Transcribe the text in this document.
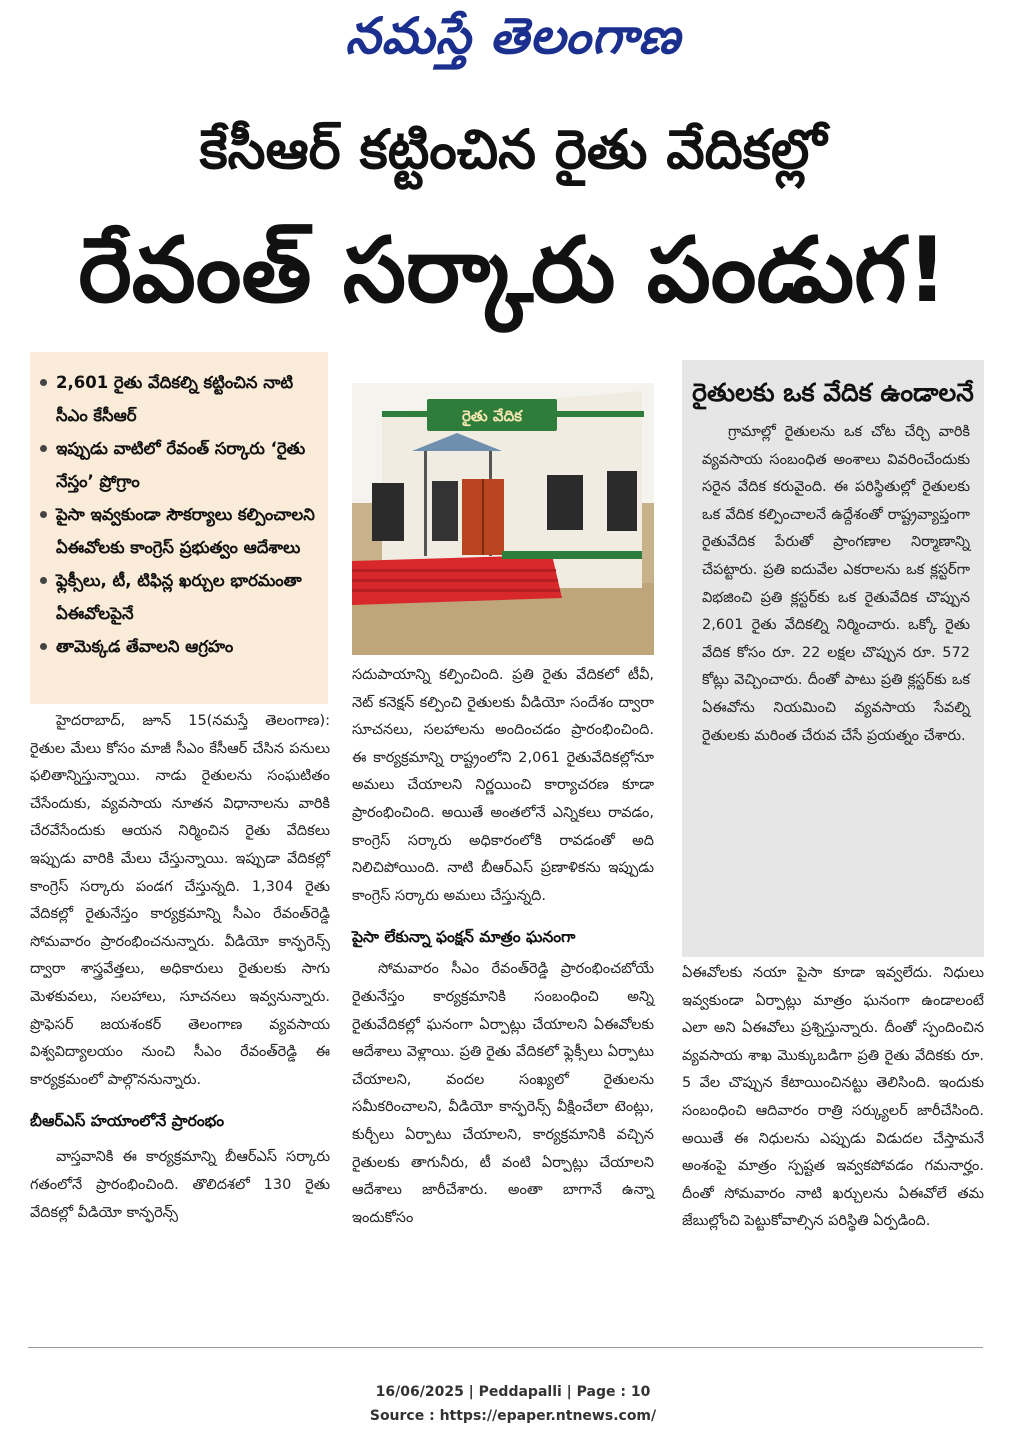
నమస్తే తెలంగాణ
కేసీఆర్ కట్టించిన రైతు వేదికల్లో
రేవంత్ సర్కారు పండుగ!
2,601 రైతు వేదికల్ని కట్టించిన నాటి సీఎం కేసీఆర్
ఇప్పుడు వాటిలో రేవంత్ సర్కారు ‘రైతు నేస్తం’ ప్రోగ్రాం
పైసా ఇవ్వకుండా సౌకర్యాలు కల్పించాలని ఏఈవోలకు కాంగ్రెస్ ప్రభుత్వం ఆదేశాలు
ఫ్లెక్సీలు, టీ, టిఫిన్ల ఖర్చుల భారమంతా ఏఈవోలపైనే
తామెక్కడ తేవాలని ఆగ్రహం
రైతు వేదిక
రైతులకు ఒక వేదిక ఉండాలనే
గ్రామాల్లో రైతులను ఒక చోట చేర్చి వారికి వ్యవసాయ సంబంధిత అంశాలు వివరించేందుకు సరైన వేదిక కరువైంది. ఈ పరిస్థితుల్లో రైతులకు ఒక వేదిక కల్పించాలనే ఉద్దేశంతో రాష్ట్రవ్యాప్తంగా రైతువేదిక పేరుతో ప్రాంగణాల నిర్మాణాన్ని చేపట్టారు. ప్రతి ఐదువేల ఎకరాలను ఒక క్లస్టర్‌గా విభజించి ప్రతి క్లస్టర్‌కు ఒక రైతువేదిక చొప్పున 2,601 రైతు వేదికల్ని నిర్మించారు. ఒక్కో రైతు వేదిక కోసం రూ. 22 లక్షల చొప్పున రూ. 572 కోట్లు వెచ్చించారు. దీంతో పాటు ప్రతి క్లస్టర్‌కు ఒక ఏఈవోను నియమించి వ్యవసాయ సేవల్ని రైతులకు మరింత చేరువ చేసే ప్రయత్నం చేశారు.

హైదరాబాద్, జూన్ 15(నమస్తే తెలంగాణ): రైతుల మేలు కోసం మాజీ సీఎం కేసీఆర్ చేసిన పనులు ఫలితాన్నిస్తున్నాయి. నాడు రైతులను సంఘటితం చేసేందుకు, వ్యవసాయ నూతన విధానాలను వారికి చేరవేసేందుకు ఆయన నిర్మించిన రైతు వేదికలు ఇప్పుడు వారికి మేలు చేస్తున్నాయి. ఇప్పుడా వేదికల్లో కాంగ్రెస్ సర్కారు పండగ చేస్తున్నది. 1,304 రైతు వేదికల్లో రైతునేస్తం కార్యక్రమాన్ని సీఎం రేవంత్‌రెడ్డి సోమవారం ప్రారంభించనున్నారు. వీడియో కాన్ఫరెన్స్ ద్వారా శాస్త్రవేత్తలు, అధికారులు రైతులకు సాగు మెళకువలు, సలహాలు, సూచనలు ఇవ్వనున్నారు. ప్రొఫెసర్ జయశంకర్ తెలంగాణ వ్యవసాయ విశ్వవిద్యాలయం నుంచి సీఎం రేవంత్‌రెడ్డి ఈ కార్యక్రమంలో పాల్గొననున్నారు.

బీఆర్‌ఎస్ హయాంలోనే ప్రారంభం

వాస్తవానికి ఈ కార్యక్రమాన్ని బీఆర్‌ఎస్ సర్కారు గతంలోనే ప్రారంభించింది. తొలిదశలో 130 రైతు వేదికల్లో వీడియో కాన్ఫరెన్స్

సదుపాయాన్ని కల్పించింది. ప్రతి రైతు వేదికలో టీవీ, నెట్ కనెక్షన్ కల్పించి రైతులకు వీడియో సందేశం ద్వారా సూచనలు, సలహాలను అందించడం ప్రారంభించింది. ఈ కార్యక్రమాన్ని రాష్ట్రంలోని 2,061 రైతువేదికల్లోనూ అమలు చేయాలని నిర్ణయించి కార్యాచరణ కూడా ప్రారంభించింది. అయితే అంతలోనే ఎన్నికలు రావడం, కాంగ్రెస్ సర్కారు అధికారంలోకి రావడంతో అది నిలిచిపోయింది. నాటి బీఆర్‌ఎస్ ప్రణాళికను ఇప్పుడు కాంగ్రెస్ సర్కారు అమలు చేస్తున్నది.

పైసా లేకున్నా ఫంక్షన్ మాత్రం ఘనంగా

సోమవారం సీఎం రేవంత్‌రెడ్డి ప్రారంభించబోయే రైతునేస్తం కార్యక్రమానికి సంబంధించి అన్ని రైతువేదికల్లో ఘనంగా ఏర్పాట్లు చేయాలని ఏఈవోలకు ఆదేశాలు వెళ్లాయి. ప్రతి రైతు వేదికలో ఫ్లెక్సీలు ఏర్పాటు చేయాలని, వందల సంఖ్యలో రైతులను సమీకరించాలని, వీడియో కాన్ఫరెన్స్ వీక్షించేలా టెంట్లు, కుర్చీలు ఏర్పాటు చేయాలని, కార్యక్రమానికి వచ్చిన రైతులకు తాగునీరు, టీ వంటి ఏర్పాట్లు చేయాలని ఆదేశాలు జారీచేశారు. అంతా బాగానే ఉన్నా ఇందుకోసం

ఏఈవోలకు నయా పైసా కూడా ఇవ్వలేదు. నిధులు ఇవ్వకుండా ఏర్పాట్లు మాత్రం ఘనంగా ఉండాలంటే ఎలా అని ఏఈవోలు ప్రశ్నిస్తున్నారు. దీంతో స్పందించిన వ్యవసాయ శాఖ మొక్కుబడిగా ప్రతి రైతు వేదికకు రూ. 5 వేల చొప్పున కేటాయించినట్టు తెలిసింది. ఇందుకు సంబంధించి ఆదివారం రాత్రి సర్క్యులర్ జారీచేసింది. అయితే ఈ నిధులను ఎప్పుడు విడుదల చేస్తామనే అంశంపై మాత్రం స్పష్టత ఇవ్వకపోవడం గమనార్హం. దీంతో సోమవారం నాటి ఖర్చులను ఏఈవోలే తమ జేబుల్లోంచి పెట్టుకోవాల్సిన పరిస్థితి ఏర్పడింది.

16/06/2025 | Peddapalli | Page : 10
Source : https://epaper.ntnews.com/
